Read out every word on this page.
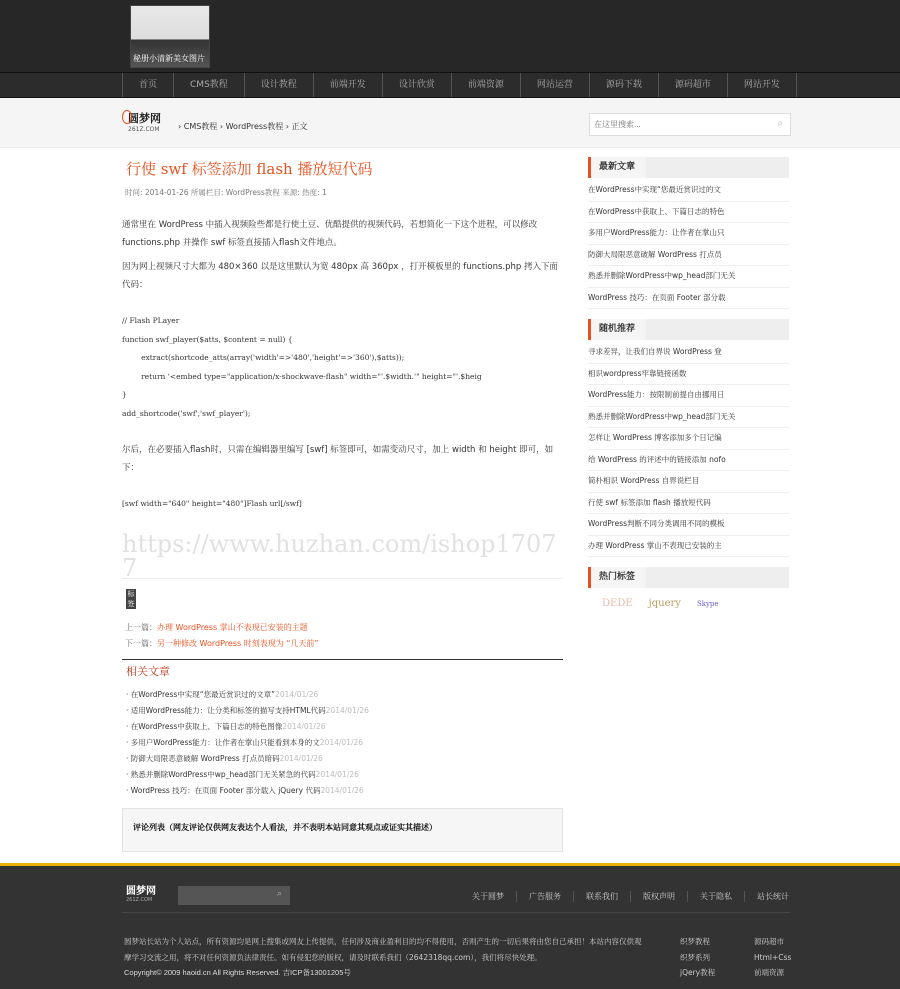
秘册小清新美女图片
首页	CMS教程	设计教程	前端开发	设计欣赏	前端资源	网站运营	源码下载	源码超市	网站开发
圆梦网
261Z.COM	› CMS教程 › WordPress教程 › 正文
在这里搜索...	⌕
行使 swf 标签添加 flash 播放短代码
时间: 2014-01-26 所属栏目: WordPress教程 来源: 热度: 1
通常里在 WordPress 中插入视频险些都是行使土豆、优酷提供的视频代码，若想简化一下这个进程，可以修改 functions.php 并操作 swf 标签直接插入flash文件地点。
因为网上视频尺寸大都为 480×360 以是这里默认为宽 480px 高 360px ，打开模板里的 functions.php 拷入下面代码：
// Flash PLayer
function swf_player($atts, $content = null) {
extract(shortcode_atts(array('width'=>'480','height'=>'360'),$atts));
return '<embed type="application/x-shockwave-flash" width="'.$width.'" height="'.$heig
}
add_shortcode('swf','swf_player');
尔后，在必要插入flash时，只需在编辑器里编写 [swf] 标签即可，如需变动尺寸，加上 width 和 height 即可，如下：
[swf width="640" height="480"]Flash url[/swf]
https://www.huzhan.com/ishop17077
标签
上一篇：办理 WordPress 掌山不表现已安装的主题
下一篇：另一种修改 WordPress 时刻表现为 “几天前”
相关文章
· 在WordPress中实现“您最近赏识过的文章”2014/01/26
· 适用WordPress能力：让分类和标签的描写支持HTML代码2014/01/26
· 在WordPress中获取上、下篇日志的特色图像2014/01/26
· 多用户WordPress能力：让作者在掌山只能看到本身的文2014/01/26
· 防御大局限恶意破解 WordPress 打点员暗码2014/01/26
· 熟悉并删除WordPress中wp_head部门无关紧急的代码2014/01/26
· WordPress 技巧：在页面 Footer 部分载入 jQuery 代码2014/01/26
评论列表（网友评论仅供网友表达个人看法，并不表明本站同意其观点或证实其描述）
最新文章
在WordPress中实现“您最近赏识过的文
在WordPress中获取上、下篇日志的特色
多用户WordPress能力：让作者在掌山只
防御大局限恶意破解 WordPress 打点员
熟悉并删除WordPress中wp_head部门无关
WordPress 技巧：在页面 Footer 部分载
随机推荐
寻求差异，让我们自界说 WordPress 登
相识wordpress牢靠链接函数
WordPress能力：按限制前提自由挪用日
熟悉并删除WordPress中wp_head部门无关
怎样让 WordPress 博客添加多个日记编
给 WordPress 的评述中的链接添加 nofo
简朴相识 WordPress 自界说栏目
行使 swf 标签添加 flash 播放短代码
WordPress判断不同分类调用不同的模板
办理 WordPress 掌山不表现已安装的主
热门标签
DEDE jquery Skype
圆梦网
261Z.COM
⌕	关于圆梦	广告服务	联系我们	版权声明	关于隐私	站长统计
圆梦站长站为个人站点，所有资源均是网上搜集或网友上传提供，任何涉及商业盈利目的均不得使用，否则产生的一切后果将由您自己承担！本站内容仅供观摩学习交流之用，将不对任何资源负法律责任。如有侵犯您的版权，请及时联系我们（2642318qq.com），我们将尽快处理。
Copyright© 2009 haoid.cn All Rights Reserved. 吉ICP备13001205号
织梦教程	源码超市
织梦系列	Html+Css
jQery教程	前端资源
